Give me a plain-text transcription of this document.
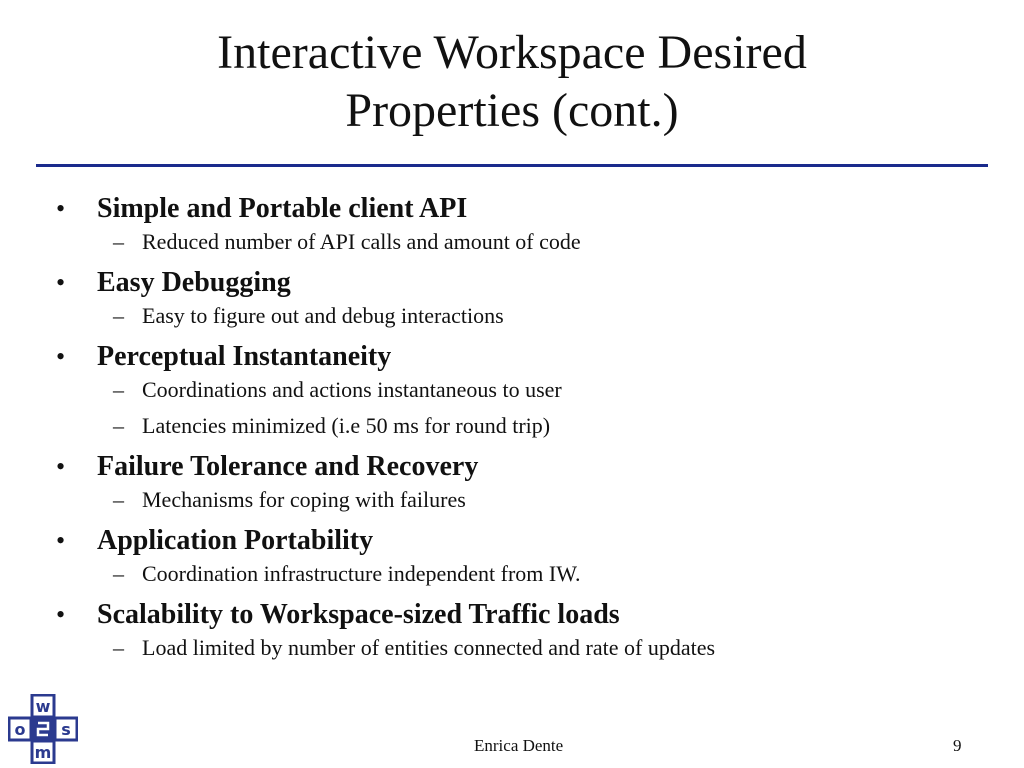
Interactive Workspace Desired
Properties (cont.)
• Simple and Portable client API
– Reduced number of API calls and amount of code
• Easy Debugging
– Easy to figure out and debug interactions
• Perceptual Instantaneity
– Coordinations and actions instantaneous to user
– Latencies minimized (i.e 50 ms for round trip)
• Failure Tolerance and Recovery
– Mechanisms for coping with failures
• Application Portability
– Coordination infrastructure independent from IW.
• Scalability to Workspace-sized Traffic loads
– Load limited by number of entities connected and rate of updates
w
o s
m	Enrica Dente	9
